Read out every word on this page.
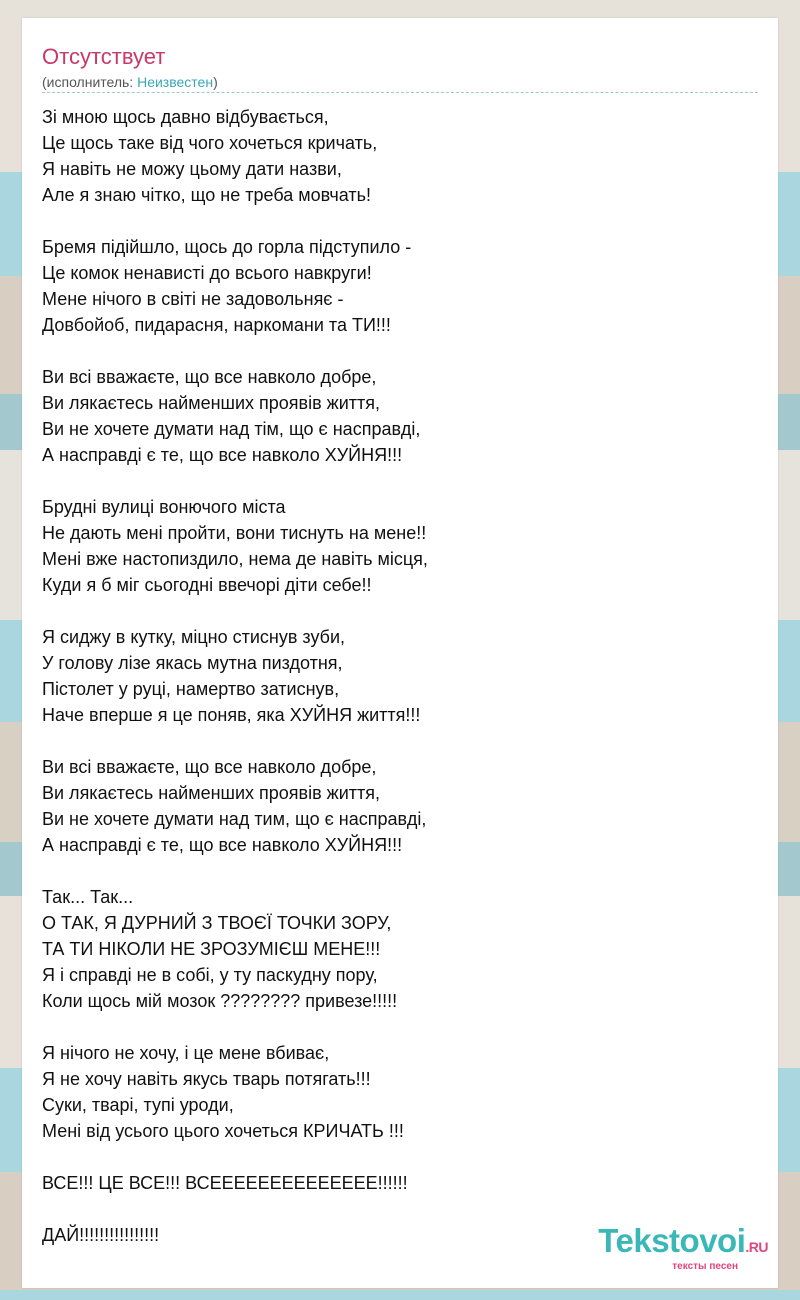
Отсутствует
(исполнитель: Неизвестен)
Зі мною щось давно відбувається,
Це щось таке від чого хочеться кричать,
Я навіть не можу цьому дати назви,
Але я знаю чітко, що не треба мовчать!
Бремя підійшло, щось до горла підступило -
Це комок ненависті до всього навкруги!
Мене нічого в світі не задовольняє -
Довбойоб, пидарасня, наркомани та ТИ!!!
Ви всі вважаєте, що все навколо добре,
Ви лякаєтесь найменших проявів життя,
Ви не хочете думати над тім, що є насправді,
А насправді є те, що все навколо ХУЙНЯ!!!
Брудні вулиці вонючого міста
Не дають мені пройти, вони тиснуть на мене!!
Мені вже настопиздило, нема де навіть місця,
Куди я б міг сьогодні ввечорі діти себе!!
Я сиджу в кутку, міцно стиснув зуби,
У голову лізе якась мутна пиздотня,
Пістолет у руці, намертво затиснув,
Наче вперше я це поняв, яка ХУЙНЯ життя!!!
Ви всі вважаєте, що все навколо добре,
Ви лякаєтесь найменших проявів життя,
Ви не хочете думати над тим, що є насправді,
А насправді є те, що все навколо ХУЙНЯ!!!
Так... Так...
О ТАК, Я ДУРНИЙ З ТВОЄЇ ТОЧКИ ЗОРУ,
ТА ТИ НІКОЛИ НЕ ЗРОЗУМІЄШ МЕНЕ!!!
Я і справді не в собі, у ту паскудну пору,
Коли щось мій мозок ???????? привезе!!!!!
Я нічого не хочу, і це мене вбиває,
Я не хочу навіть якусь тварь потягать!!!
Суки, тварі, тупі уроди,
Мені від усього цього хочеться КРИЧАТЬ !!!
ВСЕ!!! ЦЕ ВСЕ!!! ВСЕЕЕЕЕЕЕЕЕЕЕЕЕЕ!!!!!!
ДАЙ!!!!!!!!!!!!!!!!	Tekstovoi.RU
тексты песен
